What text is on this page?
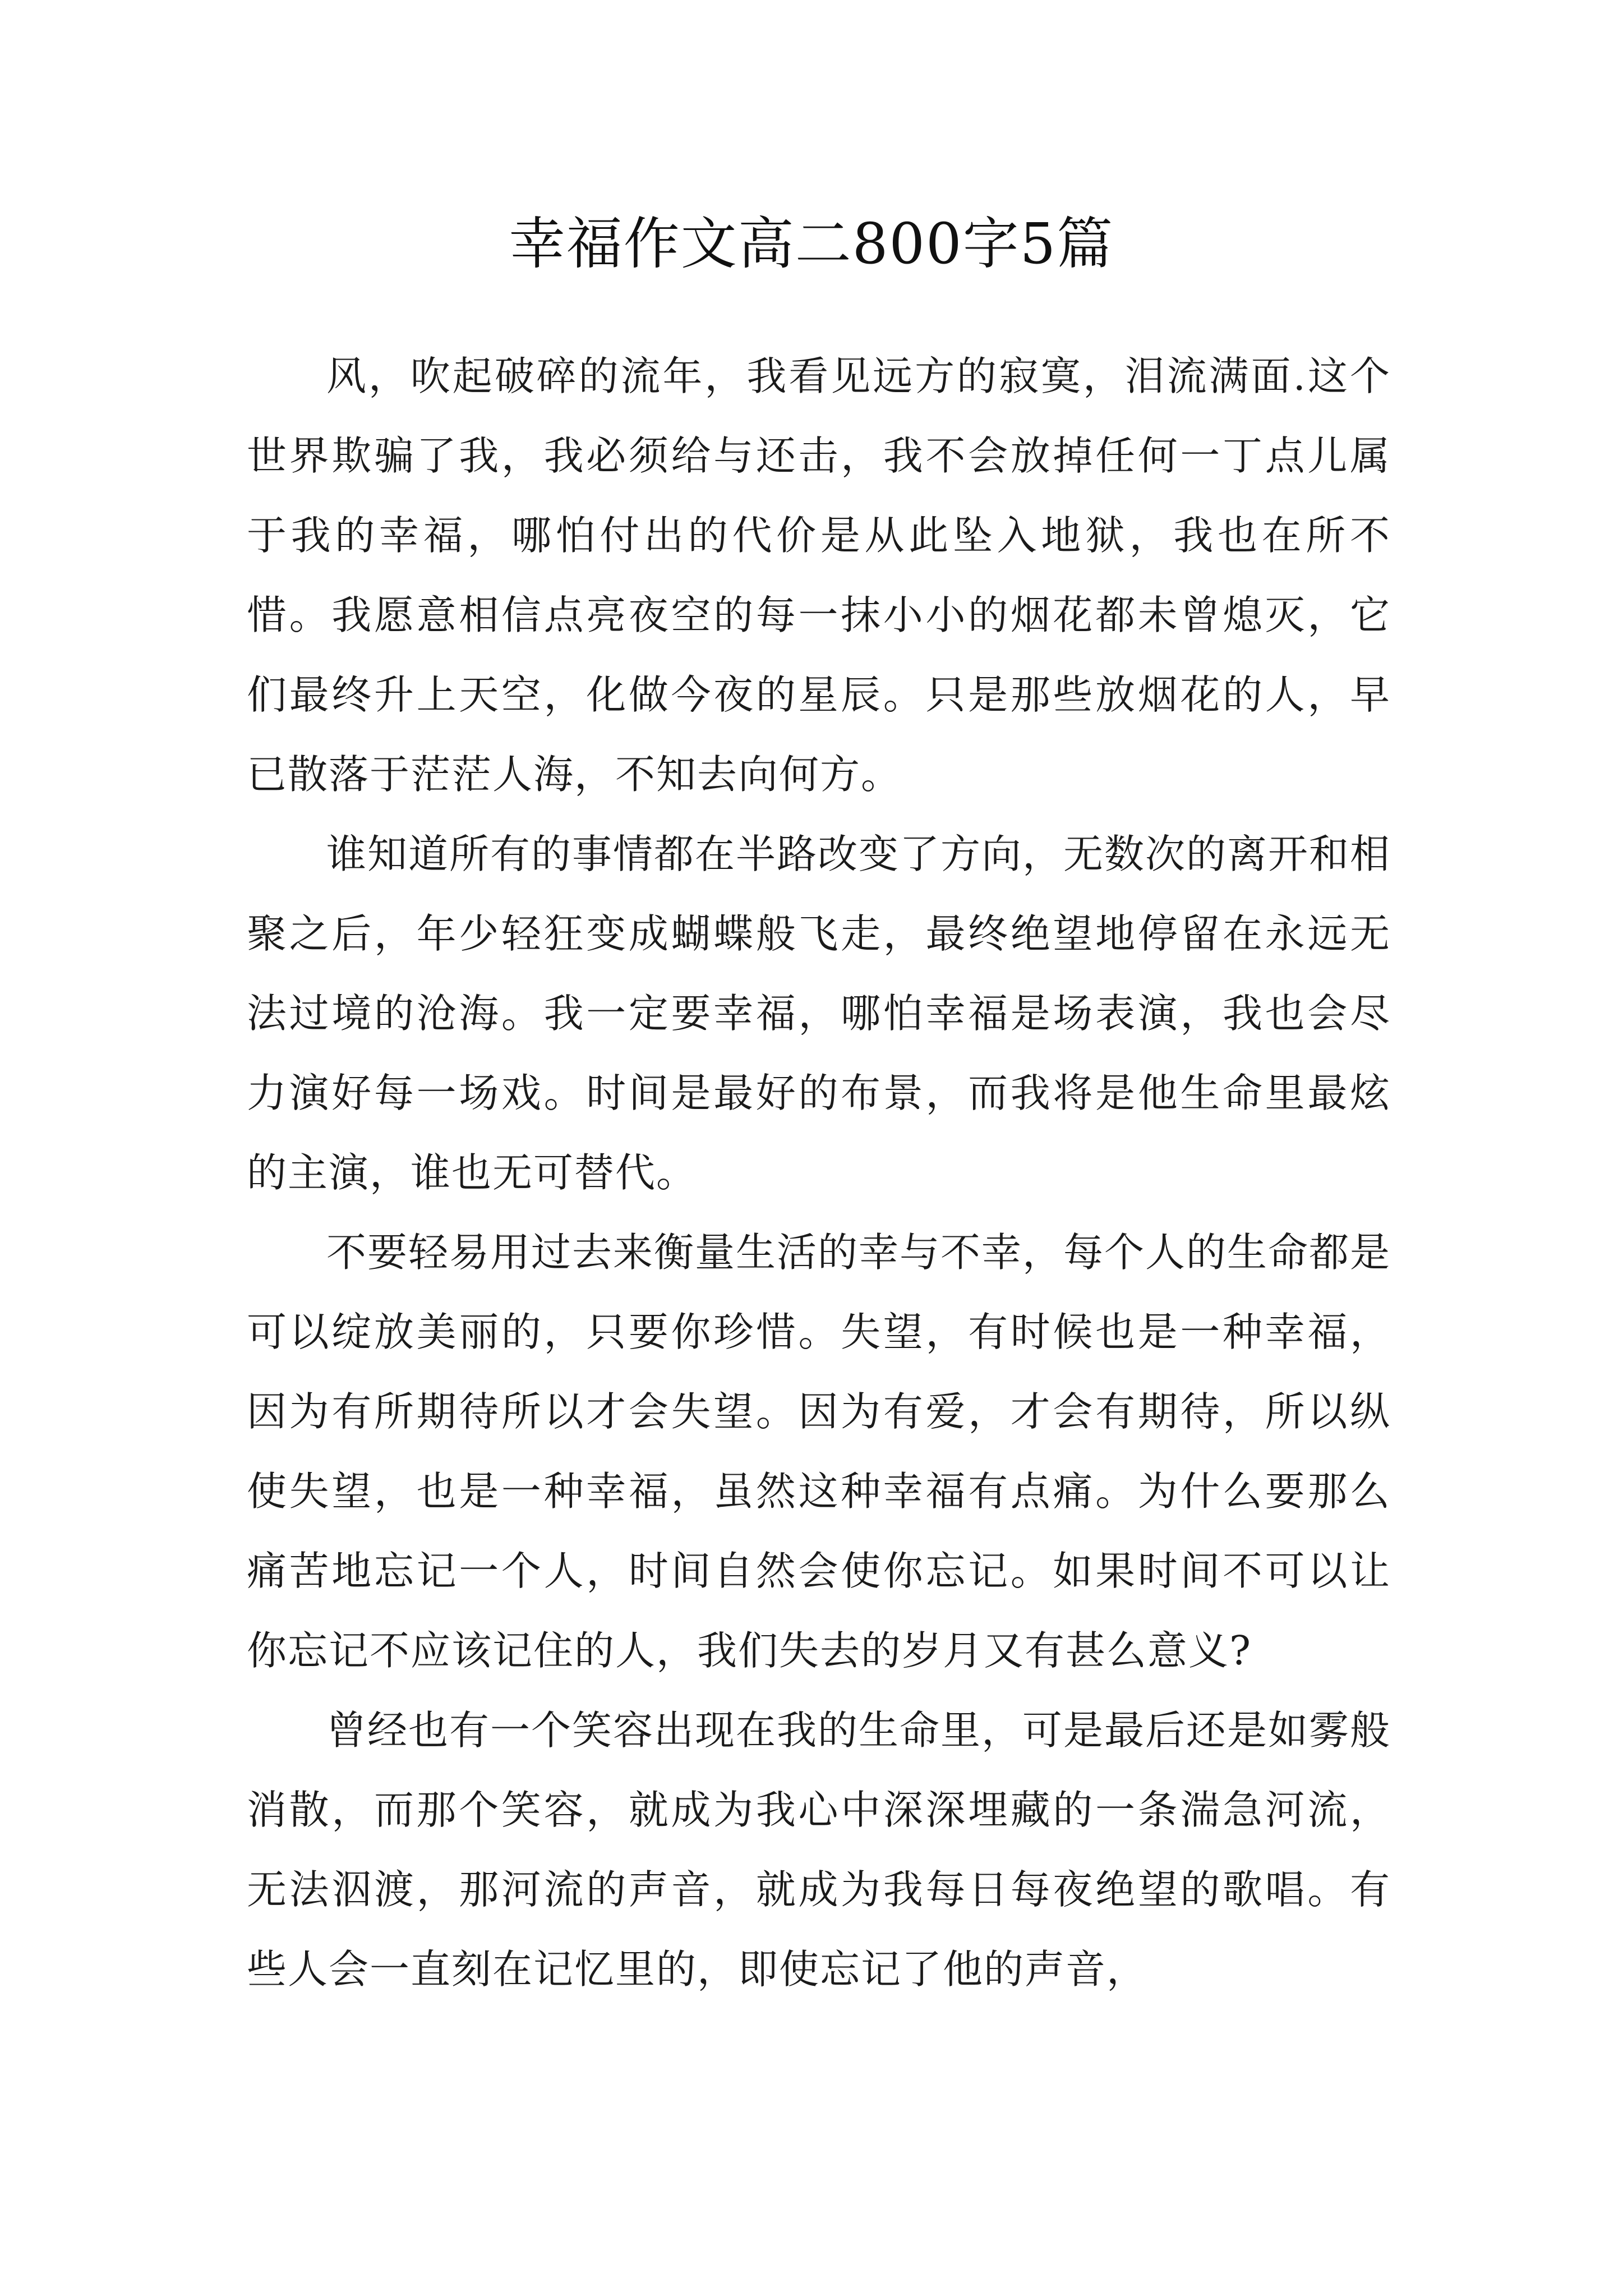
幸福作文高二800字5篇

风，吹起破碎的流年，我看见远方的寂寞，泪流满面.这个世界欺骗了我，我必须给与还击，我不会放掉任何一丁点儿属于我的幸福，哪怕付出的代价是从此坠入地狱，我也在所不惜。我愿意相信点亮夜空的每一抹小小的烟花都未曾熄灭，它们最终升上天空，化做今夜的星辰。只是那些放烟花的人，早已散落于茫茫人海，不知去向何方。

谁知道所有的事情都在半路改变了方向，无数次的离开和相聚之后，年少轻狂变成蝴蝶般飞走，最终绝望地停留在永远无法过境的沧海。我一定要幸福，哪怕幸福是场表演，我也会尽力演好每一场戏。时间是最好的布景，而我将是他生命里最炫的主演，谁也无可替代。

不要轻易用过去来衡量生活的幸与不幸，每个人的生命都是可以绽放美丽的，只要你珍惜。失望，有时候也是一种幸福，因为有所期待所以才会失望。因为有爱，才会有期待，所以纵使失望，也是一种幸福，虽然这种幸福有点痛。为什么要那么痛苦地忘记一个人，时间自然会使你忘记。如果时间不可以让你忘记不应该记住的人，我们失去的岁月又有甚么意义?

曾经也有一个笑容出现在我的生命里，可是最后还是如雾般消散，而那个笑容，就成为我心中深深埋藏的一条湍急河流，无法泅渡，那河流的声音，就成为我每日每夜绝望的歌唱。有些人会一直刻在记忆里的，即使忘记了他的声音，
